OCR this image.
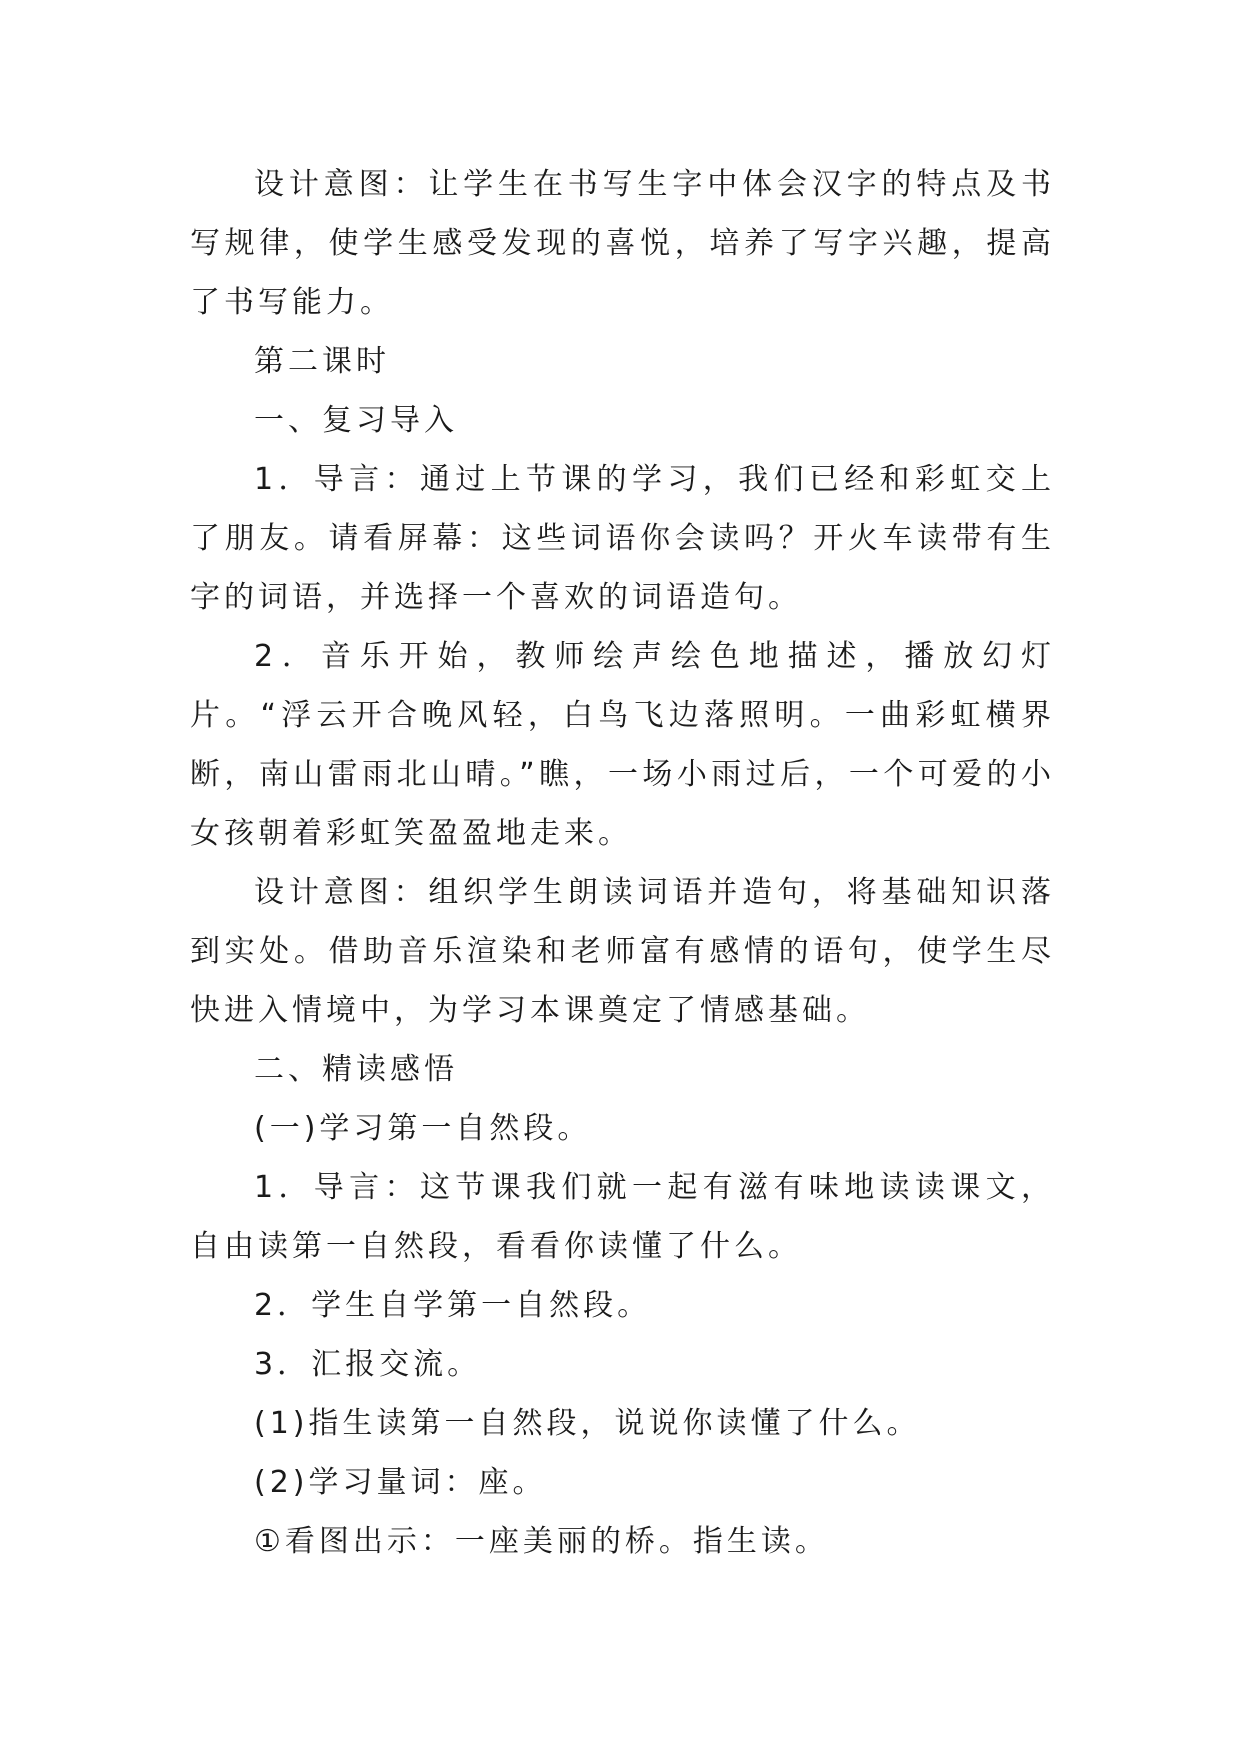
设计意图：让学生在书写生字中体会汉字的特点及书写规律，使学生感受发现的喜悦，培养了写字兴趣，提高了书写能力。

第二课时

一、复习导入

1．导言：通过上节课的学习，我们已经和彩虹交上了朋友。请看屏幕：这些词语你会读吗？开火车读带有生字的词语，并选择一个喜欢的词语造句。

2．音乐开始，教师绘声绘色地描述，播放幻灯片。“浮云开合晚风轻，白鸟飞边落照明。一曲彩虹横界断，南山雷雨北山晴。”瞧，一场小雨过后，一个可爱的小女孩朝着彩虹笑盈盈地走来。

设计意图：组织学生朗读词语并造句，将基础知识落到实处。借助音乐渲染和老师富有感情的语句，使学生尽快进入情境中，为学习本课奠定了情感基础。

二、精读感悟

(一)学习第一自然段。

1．导言：这节课我们就一起有滋有味地读读课文，自由读第一自然段，看看你读懂了什么。

2．学生自学第一自然段。

3．汇报交流。

(1)指生读第一自然段，说说你读懂了什么。

(2)学习量词：座。

①看图出示：一座美丽的桥。指生读。
